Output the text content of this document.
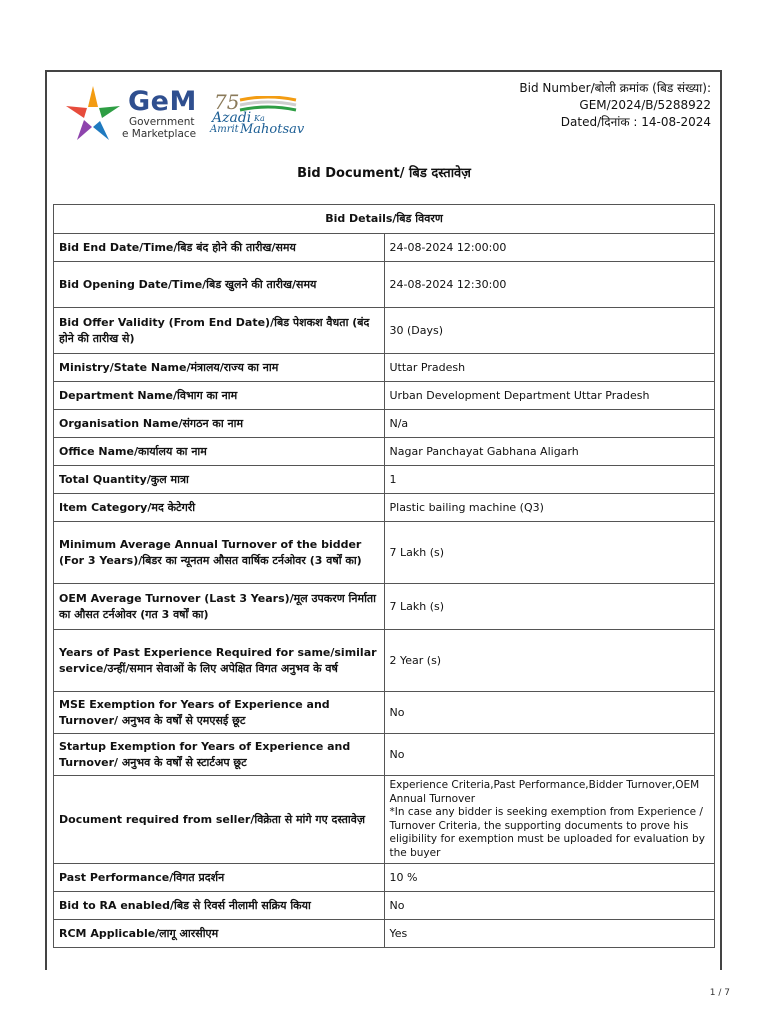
GeM
Government
e Marketplace
75
Azadi Ka
Amrit Mahotsav
Bid Number/बोली क्रमांक (बिड संख्या):
GEM/2024/B/5288922
Dated/दिनांक : 14-08-2024
Bid Document/ बिड दस्तावेज़
Bid Details/बिड विवरण	
Bid End Date/Time/बिड बंद होने की तारीख/समय	24-08-2024 12:00:00
Bid Opening Date/Time/बिड खुलने की तारीख/समय	24-08-2024 12:30:00
Bid Offer Validity (From End Date)/बिड पेशकश वैधता (बंद होने की तारीख से)	30 (Days)
Ministry/State Name/मंत्रालय/राज्य का नाम	Uttar Pradesh
Department Name/विभाग का नाम	Urban Development Department Uttar Pradesh
Organisation Name/संगठन का नाम	N/a
Office Name/कार्यालय का नाम	Nagar Panchayat Gabhana Aligarh
Total Quantity/कुल मात्रा	1
Item Category/मद केटेगरी	Plastic bailing machine (Q3)
Minimum Average Annual Turnover of the bidder (For 3 Years)/बिडर का न्यूनतम औसत वार्षिक टर्नओवर (3 वर्षों का)	7 Lakh (s)
OEM Average Turnover (Last 3 Years)/मूल उपकरण निर्माता का औसत टर्नओवर (गत 3 वर्षों का)	7 Lakh (s)
Years of Past Experience Required for same/similar service/उन्हीं/समान सेवाओं के लिए अपेक्षित विगत अनुभव के वर्ष	2 Year (s)
MSE Exemption for Years of Experience and Turnover/ अनुभव के वर्षों से एमएसई छूट	No
Startup Exemption for Years of Experience and Turnover/ अनुभव के वर्षों से स्टार्टअप छूट	No
Document required from seller/विक्रेता से मांगे गए दस्तावेज़	Experience Criteria,Past Performance,Bidder Turnover,OEM Annual Turnover
*In case any bidder is seeking exemption from Experience / Turnover Criteria, the supporting documents to prove his eligibility for exemption must be uploaded for evaluation by the buyer
Past Performance/विगत प्रदर्शन	10 %
Bid to RA enabled/बिड से रिवर्स नीलामी सक्रिय किया	No
RCM Applicable/लागू आरसीएम	Yes
1 / 7
